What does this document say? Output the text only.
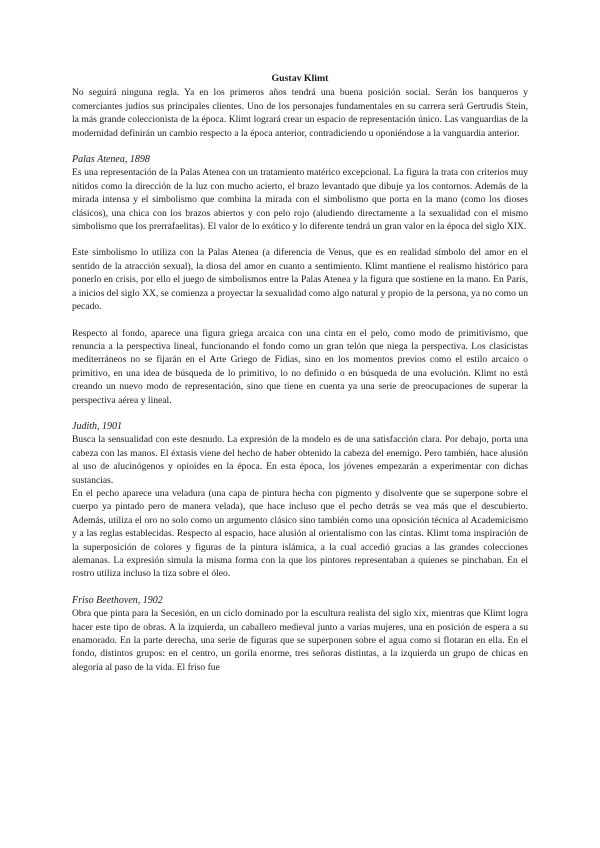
Gustav Klimt

No seguirá ninguna regla. Ya en los primeros años tendrá una buena posición social. Serán los banqueros y comerciantes judíos sus principales clientes. Uno de los personajes fundamentales en su carrera será Gertrudis Stein, la más grande coleccionista de la época. Klimt logrará crear un espacio de representación único. Las vanguardias de la modernidad definirán un cambio respecto a la época anterior, contradiciendo u oponiéndose a la vanguardia anterior.

Palas Atenea, 1898

Es una representación de la Palas Atenea con un tratamiento matérico excepcional. La figura la trata con criterios muy nítidos como la dirección de la luz con mucho acierto, el brazo levantado que dibuje ya los contornos. Además de la mirada intensa y el simbolismo que combina la mirada con el simbolismo que porta en la mano (como los dioses clásicos), una chica con los brazos abiertos y con pelo rojo (aludiendo directamente a la sexualidad con el mismo simbolismo que los prerrafaelitas). El valor de lo exótico y lo diferente tendrá un gran valor en la época del siglo XIX.

Este simbolismo lo utiliza con la Palas Atenea (a diferencia de Venus, que es en realidad símbolo del amor en el sentido de la atracción sexual), la diosa del amor en cuanto a sentimiento. Klimt mantiene el realismo histórico para ponerlo en crisis, por ello el juego de simbolismos entre la Palas Atenea y la figura que sostiene en la mano. En París, a inicios del siglo XX, se comienza a proyectar la sexualidad como algo natural y propio de la persona, ya no como un pecado.

Respecto al fondo, aparece una figura griega arcaica con una cinta en el pelo, como modo de primitivismo, que renuncia a la perspectiva lineal, funcionando el fondo como un gran telón que niega la perspectiva. Los clasicistas mediterráneos no se fijarán en el Arte Griego de Fidias, sino en los momentos previos como el estilo arcaico o primitivo, en una idea de búsqueda de lo primitivo, lo no definido o en búsqueda de una evolución. Klimt no está creando un nuevo modo de representación, sino que tiene en cuenta ya una serie de preocupaciones de superar la perspectiva aérea y lineal.

Judith, 1901

Busca la sensualidad con este desnudo. La expresión de la modelo es de una satisfacción clara. Por debajo, porta una cabeza con las manos. El éxtasis viene del hecho de haber obtenido la cabeza del enemigo. Pero también, hace alusión al uso de alucinógenos y opioides en la época. En esta época, los jóvenes empezarán a experimentar con dichas sustancias.

En el pecho aparece una veladura (una capa de pintura hecha con pigmento y disolvente que se superpone sobre el cuerpo ya pintado pero de manera velada), que hace incluso que el pecho detrás se vea más que el descubierto. Además, utiliza el oro no solo como un argumento clásico sino también como una oposición técnica al Academicismo y a las reglas establecidas. Respecto al espacio, hace alusión al orientalismo con las cintas. Klimt toma inspiración de la superposición de colores y figuras de la pintura islámica, a la cual accedió gracias a las grandes colecciones alemanas. La expresión simula la misma forma con la que los pintores representaban a quienes se pinchaban. En el rostro utiliza incluso la tiza sobre el óleo.

Friso Beethoven, 1902

Obra que pinta para la Secesión, en un ciclo dominado por la escultura realista del siglo xix, mientras que Klimt logra hacer este tipo de obras. A la izquierda, un caballero medieval junto a varias mujeres, una en posición de espera a su enamorado. En la parte derecha, una serie de figuras que se superponen sobre el agua como si flotaran en ella. En el fondo, distintos grupos: en el centro, un gorila enorme, tres señoras distintas, a la izquierda un grupo de chicas en alegoría al paso de la vida. El friso fue
